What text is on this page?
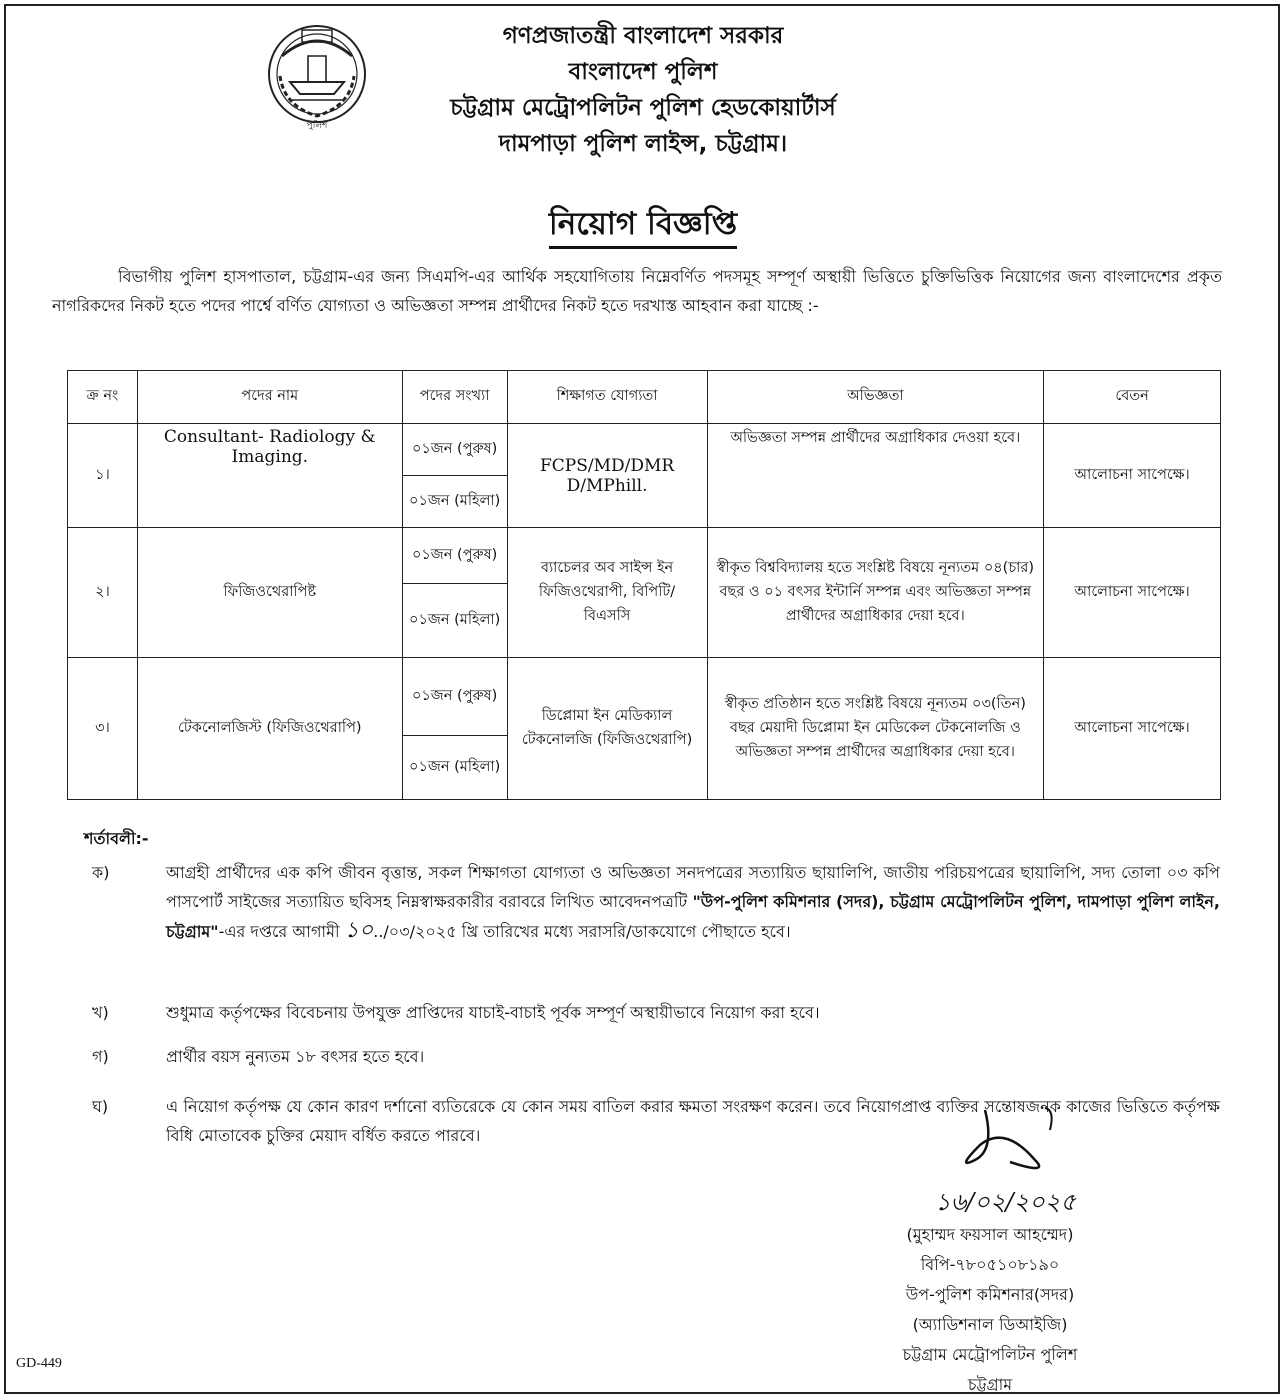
পুলিশ
গণপ্রজাতন্ত্রী বাংলাদেশ সরকার
বাংলাদেশ পুলিশ
চট্টগ্রাম মেট্রোপলিটন পুলিশ হেডকোয়ার্টার্স
দামপাড়া পুলিশ লাইন্স, চট্টগ্রাম।
নিয়োগ বিজ্ঞপ্তি
বিভাগীয় পুলিশ হাসপাতাল, চট্টগ্রাম-এর জন্য সিএমপি-এর আর্থিক সহযোগিতায় নিম্নেবর্ণিত পদসমূহ সম্পূর্ণ অস্থায়ী ভিত্তিতে চুক্তিভিত্তিক নিয়োগের জন্য বাংলাদেশের প্রকৃত নাগরিকদের নিকট হতে পদের পার্শ্বে বর্ণিত যোগ্যতা ও অভিজ্ঞতা সম্পন্ন প্রার্থীদের নিকট হতে দরখাস্ত আহবান করা যাচ্ছে :-
ক্র নং	পদের নাম	পদের সংখ্যা	শিক্ষাগত যোগ্যতা	অভিজ্ঞতা	বেতন
১।	Consultant- Radiology & Imaging.	০১জন (পুরুষ)	FCPS/MD/DMR D/MPhill.	অভিজ্ঞতা সম্পন্ন প্রার্থীদের অগ্রাধিকার দেওয়া হবে।	আলোচনা সাপেক্ষে।
		০১জন (মহিলা)			
২।	ফিজিওথেরাপিষ্ট	০১জন (পুরুষ)	ব্যাচেলর অব সাইন্স ইন ফিজিওথেরাপী, বিপিটি/ বিএসসি	স্বীকৃত বিশ্ববিদ্যালয় হতে সংশ্লিষ্ট বিষয়ে নূন্যতম ০৪(চার) বছর ও ০১ বৎসর ইন্টার্নি সম্পন্ন এবং অভিজ্ঞতা সম্পন্ন প্রার্থীদের অগ্রাধিকার দেয়া হবে।	আলোচনা সাপেক্ষে।
		০১জন (মহিলা)			
৩।	টেকনোলজিস্ট (ফিজিওথেরাপি)	০১জন (পুরুষ)	ডিপ্লোমা ইন মেডিক্যাল টেকনোলজি (ফিজিওথেরাপি)	স্বীকৃত প্রতিষ্ঠান হতে সংশ্লিষ্ট বিষয়ে নূন্যতম ০৩(তিন) বছর মেয়াদী ডিপ্লোমা ইন মেডিকেল টেকনোলজি ও অভিজ্ঞতা সম্পন্ন প্রার্থীদের অগ্রাধিকার দেয়া হবে।	আলোচনা সাপেক্ষে।
		০১জন (মহিলা)			
শর্তাবলী:-
ক)	আগ্রহী প্রার্থীদের এক কপি জীবন বৃত্তান্ত, সকল শিক্ষাগতা যোগ্যতা ও অভিজ্ঞতা সনদপত্রের সত্যায়িত ছায়ালিপি, জাতীয় পরিচয়পত্রের ছায়ালিপি, সদ্য তোলা ০৩ কপি পাসপোর্ট সাইজের সত্যায়িত ছবিসহ নিম্নস্বাক্ষরকারীর বরাবরে লিখিত আবেদনপত্রটি "উপ-পুলিশ কমিশনার (সদর), চট্টগ্রাম মেট্রোপলিটন পুলিশ, দামপাড়া পুলিশ লাইন, চট্টগ্রাম"-এর দপ্তরে আগামী ১০../০৩/২০২৫ খ্রি তারিখের মধ্যে সরাসরি/ডাকযোগে পৌছাতে হবে।
খ)	শুধুমাত্র কর্তৃপক্ষের বিবেচনায় উপযুক্ত প্রাপ্তিদের যাচাই-বাচাই পূর্বক সম্পূর্ণ অস্থায়ীভাবে নিয়োগ করা হবে।
গ)	প্রার্থীর বয়স নুন্যতম ১৮ বৎসর হতে হবে।
ঘ)	এ নিয়োগ কর্তৃপক্ষ যে কোন কারণ দর্শানো ব্যতিরেকে যে কোন সময় বাতিল করার ক্ষমতা সংরক্ষণ করেন। তবে নিয়োগপ্রাপ্ত ব্যক্তির সন্তোষজনক কাজের ভিত্তিতে কর্তৃপক্ষ বিধি মোতাবেক চুক্তির মেয়াদ বর্ধিত করতে পারবে।
১৬/০২/২০২৫
(মুহাম্মদ ফয়সাল আহম্মেদ)
বিপি-৭৮০৫১০৮১৯০
উপ-পুলিশ কমিশনার(সদর)
(অ্যাডিশনাল ডিআইজি)
চট্টগ্রাম মেট্রোপলিটন পুলিশ
চট্টগ্রাম
GD-449
